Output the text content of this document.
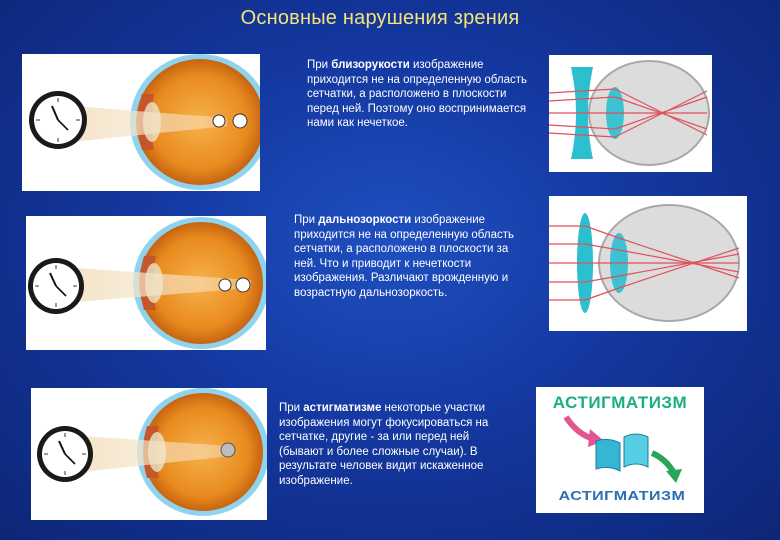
Основные нарушения зрения
При близорукости изображение приходится не на определенную область сетчатки, а расположено в плоскости перед ней. Поэтому оно воспринимается нами как нечеткое.
При дальнозоркости изображение приходится не на определенную область сетчатки, а расположено в плоскости за ней. Что и приводит к нечеткости изображения. Различают врожденную и возрастную дальнозоркость.
При астигматизме некоторые участки изображения могут фокусироваться на сетчатке, другие - за или перед ней (бывают и более сложные случаи). В результате человек видит искаженное изображение.
АСТИГМАТИЗМ
АСТИГМАТИЗМ
